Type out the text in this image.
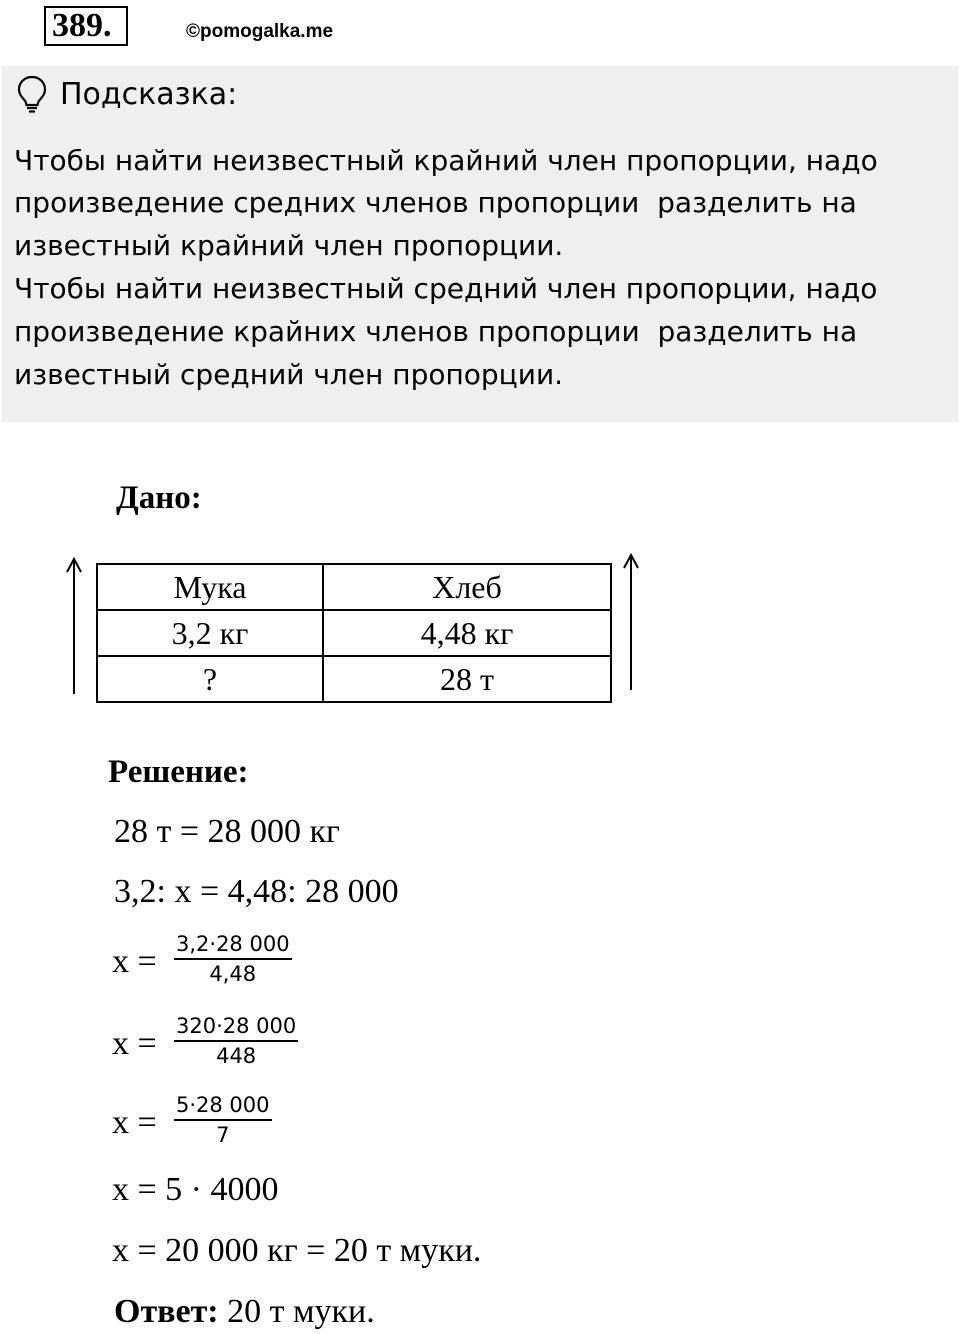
389.	©pomogalka.me
Подсказка:
Чтобы найти неизвестный крайний член пропорции, надо
произведение средних членов пропорции  разделить на
известный крайний член пропорции.
Чтобы найти неизвестный средний член пропорции, надо
произведение крайних членов пропорции  разделить на
известный средний член пропорции.
Дано:
Мука	Хлеб
3,2 кг	4,48 кг
?	28 т
Решение:
28 т = 28 000 кг
3,2: x = 4,48: 28 000
$x = \frac{3,2\cdot 28 000}{4,48}$
$x = \frac{320\cdot 28 000}{448}$
$x = \frac{5\cdot 28 000}{7}$
x = 5 · 4000
x = 20 000 кг = 20 т муки.
Ответ: 20 т муки.
